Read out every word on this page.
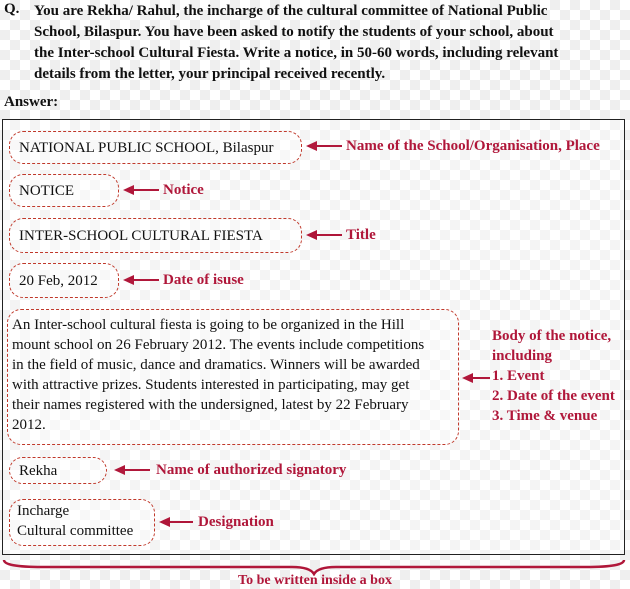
Q. You are Rekha/ Rahul, the incharge of the cultural committee of National Public
School, Bilaspur. You have been asked to notify the students of your school, about
the Inter-school Cultural Fiesta. Write a notice, in 50-60 words, including relevant
details from the letter, your principal received recently.
Answer:
NATIONAL PUBLIC SCHOOL, Bilaspur	Name of the School/Organisation, Place
NOTICE	Notice
INTER-SCHOOL CULTURAL FIESTA	Title
20 Feb, 2012	Date of isuse
An Inter-school cultural fiesta is going to be organized in the Hill
mount school on 26 February 2012. The events include competitions
in the field of music, dance and dramatics. Winners will be awarded
with attractive prizes. Students interested in participating, may get
their names registered with the undersigned, latest by 22 February
2012.
Body of the notice,
including
1. Event
2. Date of the event
3. Time & venue
Rekha	Name of authorized signatory
Incharge
Cultural committee
Designation
To be written inside a box
